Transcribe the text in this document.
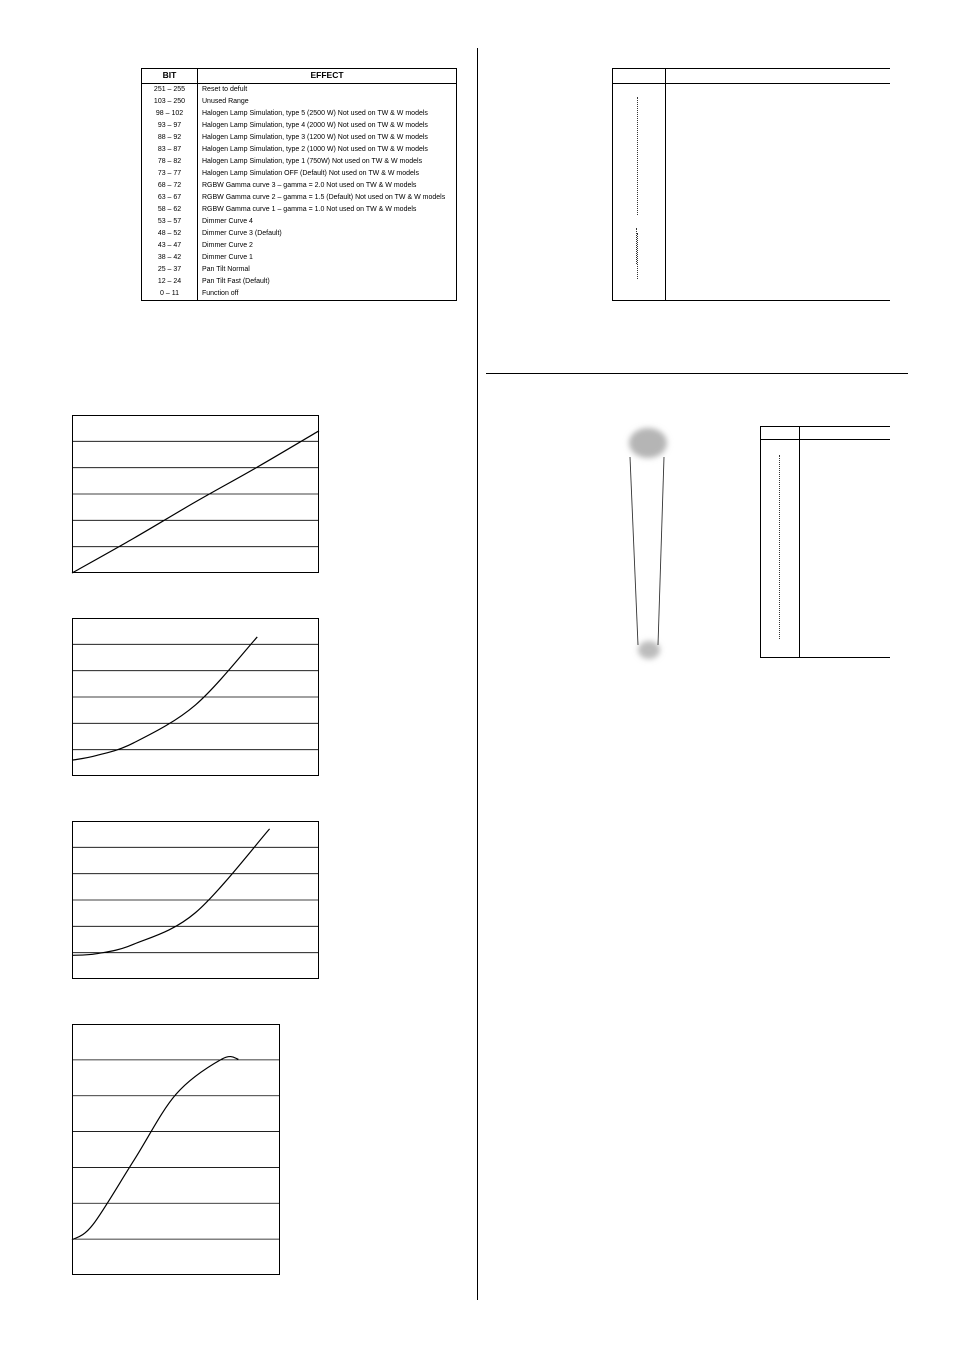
BIT	EFFECT
251 – 255	Reset to defult
103 – 250	Unused Range
98 – 102	Halogen Lamp Simulation, type 5 (2500 W) Not used on TW & W models
93 – 97	Halogen Lamp Simulation, type 4 (2000 W) Not used on TW & W models
88 – 92	Halogen Lamp Simulation, type 3 (1200 W) Not used on TW & W models
83 – 87	Halogen Lamp Simulation, type 2 (1000 W) Not used on TW & W models
78 – 82	Halogen Lamp Simulation, type 1 (750W) Not used on TW & W models
73 – 77	Halogen Lamp Simulation OFF (Default) Not used on TW & W models
68 – 72	RGBW Gamma curve 3 – gamma = 2.0 Not used on TW & W models
63 – 67	RGBW Gamma curve 2 – gamma = 1.5 (Default) Not used on TW & W models
58 – 62	RGBW Gamma curve 1 – gamma = 1.0 Not used on TW & W models
53 – 57	Dimmer Curve 4
48 – 52	Dimmer Curve 3 (Default)
43 – 47	Dimmer Curve 2
38 – 42	Dimmer Curve 1
25 – 37	Pan Tilt Normal
12 – 24	Pan Tilt Fast (Default)
0 – 11	Function off
